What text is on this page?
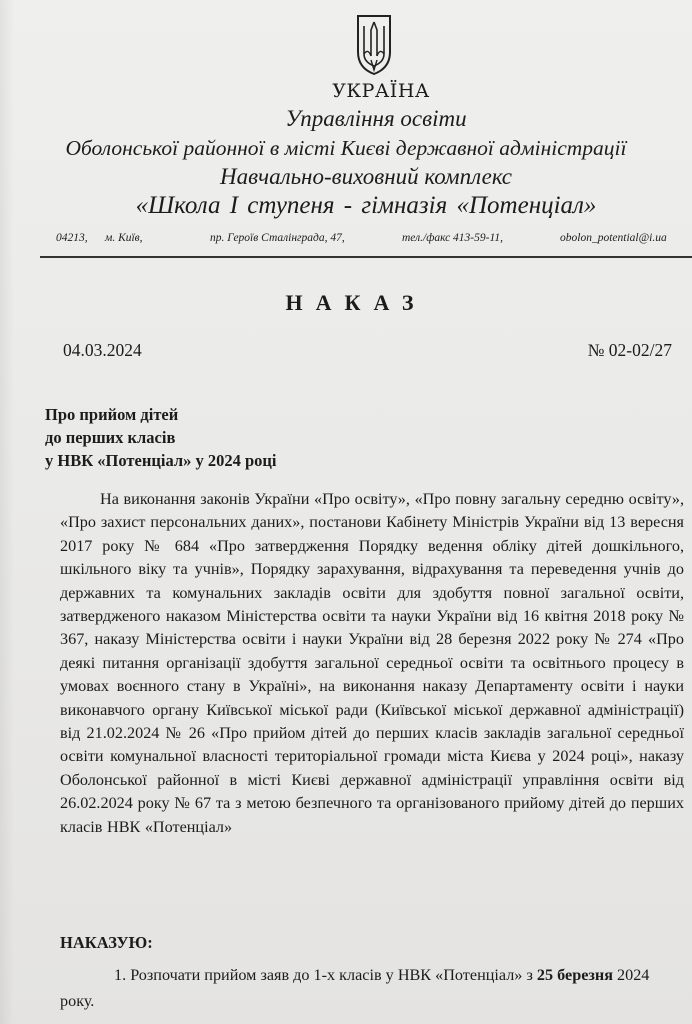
УКРАЇНА
Управління освіти
Оболонської районної в місті Києві державної адміністрації
Навчально-виховний комплекс
«Школа І ступеня - гімназія «Потенціал»
04213, м. Київ,	пр. Героїв Сталінграда, 47,	тел./факс 413-59-11,	obolon_potential@i.ua
НАКАЗ
04.03.2024	№ 02-02/27
Про прийом дітей
до перших класів
у НВК «Потенціал» у 2024 році
На виконання законів України «Про освіту», «Про повну загальну середню освіту», «Про захист персональних даних», постанови Кабінету Міністрів України від 13 вересня 2017 року № 684 «Про затвердження Порядку ведення обліку дітей дошкільного, шкільного віку та учнів», Порядку зарахування, відрахування та переведення учнів до державних та комунальних закладів освіти для здобуття повної загальної освіти, затвердженого наказом Міністерства освіти та науки України від 16 квітня 2018 року № 367, наказу Міністерства освіти і науки України від 28 березня 2022 року № 274 «Про деякі питання організації здобуття загальної середньої освіти та освітнього процесу в умовах воєнного стану в Україні», на виконання наказу Департаменту освіти і науки виконавчого органу Київської міської ради (Київської міської державної адміністрації) від 21.02.2024 № 26 «Про прийом дітей до перших класів закладів загальної середньої освіти комунальної власності територіальної громади міста Києва у 2024 році», наказу Оболонської районної в місті Києві державної адміністрації управління освіти від 26.02.2024 року № 67 та з метою безпечного та організованого прийому дітей до перших класів НВК «Потенціал»
НАКАЗУЮ:
1. Розпочати прийом заяв до 1-х класів у НВК «Потенціал» з 25 березня 2024 року.
